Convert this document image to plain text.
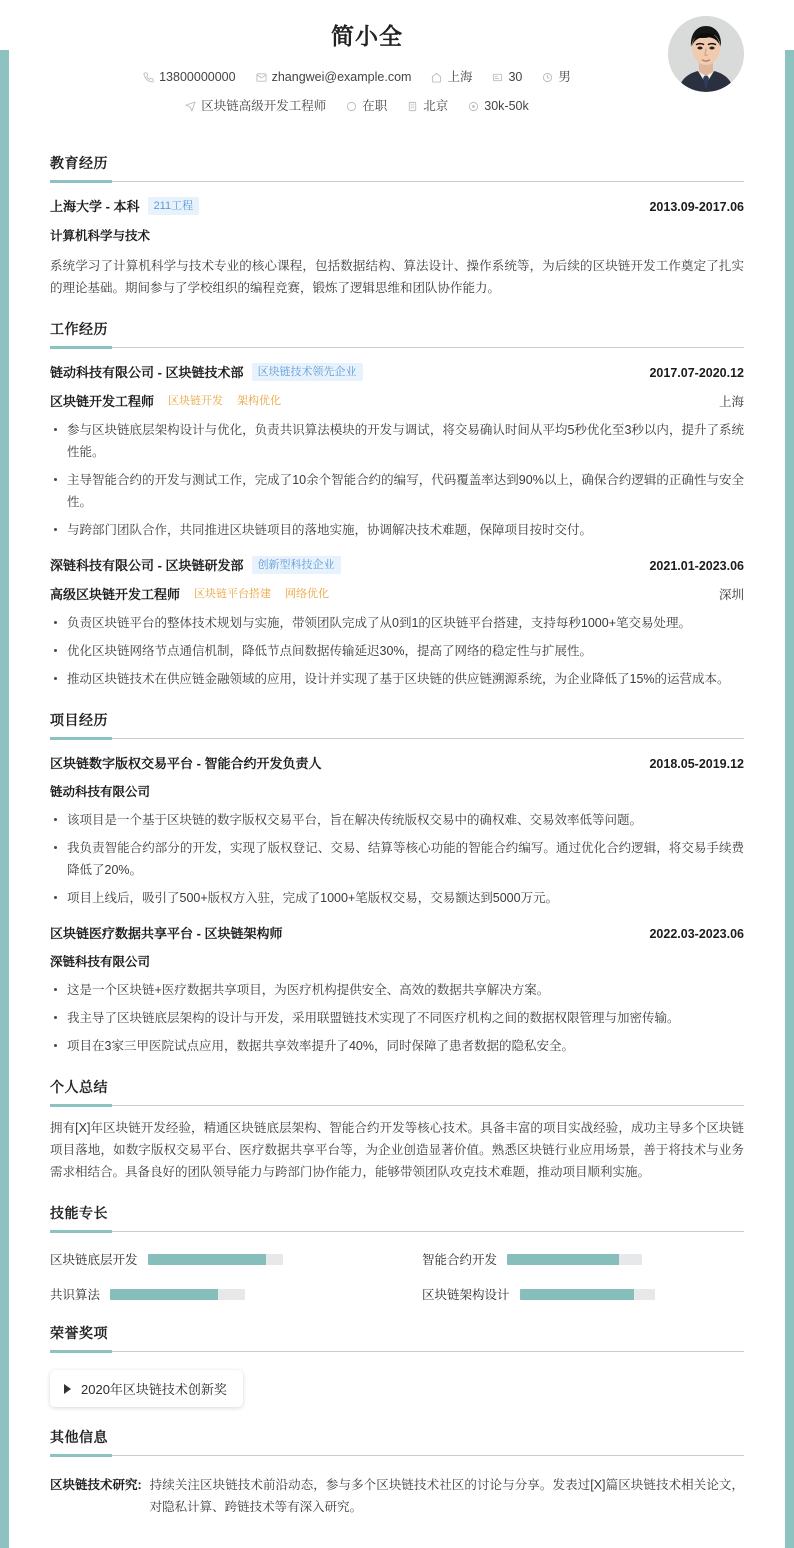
简小全
13800000000	zhangwei@example.com	上海	30	男
区块链高级开发工程师	在职	北京	30k-50k
教育经历
上海大学 - 本科	211工程	2013.09-2017.06
计算机科学与技术
系统学习了计算机科学与技术专业的核心课程，包括数据结构、算法设计、操作系统等，为后续的区块链开发工作奠定了扎实的理论基础。期间参与了学校组织的编程竞赛，锻炼了逻辑思维和团队协作能力。
工作经历
链动科技有限公司 - 区块链技术部	区块链技术领先企业	2017.07-2020.12
区块链开发工程师 区块链开发 架构优化	上海
参与区块链底层架构设计与优化，负责共识算法模块的开发与调试，将交易确认时间从平均5秒优化至3秒以内，提升了系统性能。
主导智能合约的开发与测试工作，完成了10余个智能合约的编写，代码覆盖率达到90%以上，确保合约逻辑的正确性与安全性。
与跨部门团队合作，共同推进区块链项目的落地实施，协调解决技术难题，保障项目按时交付。
深链科技有限公司 - 区块链研发部	创新型科技企业	2021.01-2023.06
高级区块链开发工程师 区块链平台搭建 网络优化	深圳
负责区块链平台的整体技术规划与实施，带领团队完成了从0到1的区块链平台搭建，支持每秒1000+笔交易处理。
优化区块链网络节点通信机制，降低节点间数据传输延迟30%，提高了网络的稳定性与扩展性。
推动区块链技术在供应链金融领域的应用，设计并实现了基于区块链的供应链溯源系统，为企业降低了15%的运营成本。
项目经历
区块链数字版权交易平台 - 智能合约开发负责人	2018.05-2019.12
链动科技有限公司
该项目是一个基于区块链的数字版权交易平台，旨在解决传统版权交易中的确权难、交易效率低等问题。
我负责智能合约部分的开发，实现了版权登记、交易、结算等核心功能的智能合约编写。通过优化合约逻辑，将交易手续费降低了20%。
项目上线后，吸引了500+版权方入驻，完成了1000+笔版权交易，交易额达到5000万元。
区块链医疗数据共享平台 - 区块链架构师	2022.03-2023.06
深链科技有限公司
这是一个区块链+医疗数据共享项目，为医疗机构提供安全、高效的数据共享解决方案。
我主导了区块链底层架构的设计与开发，采用联盟链技术实现了不同医疗机构之间的数据权限管理与加密传输。
项目在3家三甲医院试点应用，数据共享效率提升了40%，同时保障了患者数据的隐私安全。
个人总结
拥有[X]年区块链开发经验，精通区块链底层架构、智能合约开发等核心技术。具备丰富的项目实战经验，成功主导多个区块链项目落地，如数字版权交易平台、医疗数据共享平台等，为企业创造显著价值。熟悉区块链行业应用场景，善于将技术与业务需求相结合。具备良好的团队领导能力与跨部门协作能力，能够带领团队攻克技术难题，推动项目顺利实施。
技能专长
区块链底层开发	智能合约开发
共识算法	区块链架构设计
荣誉奖项
2020年区块链技术创新奖
其他信息
区块链技术研究: 持续关注区块链技术前沿动态，参与多个区块链技术社区的讨论与分享。发表过[X]篇区块链技术相关论文，对隐私计算、跨链技术等有深入研究。
